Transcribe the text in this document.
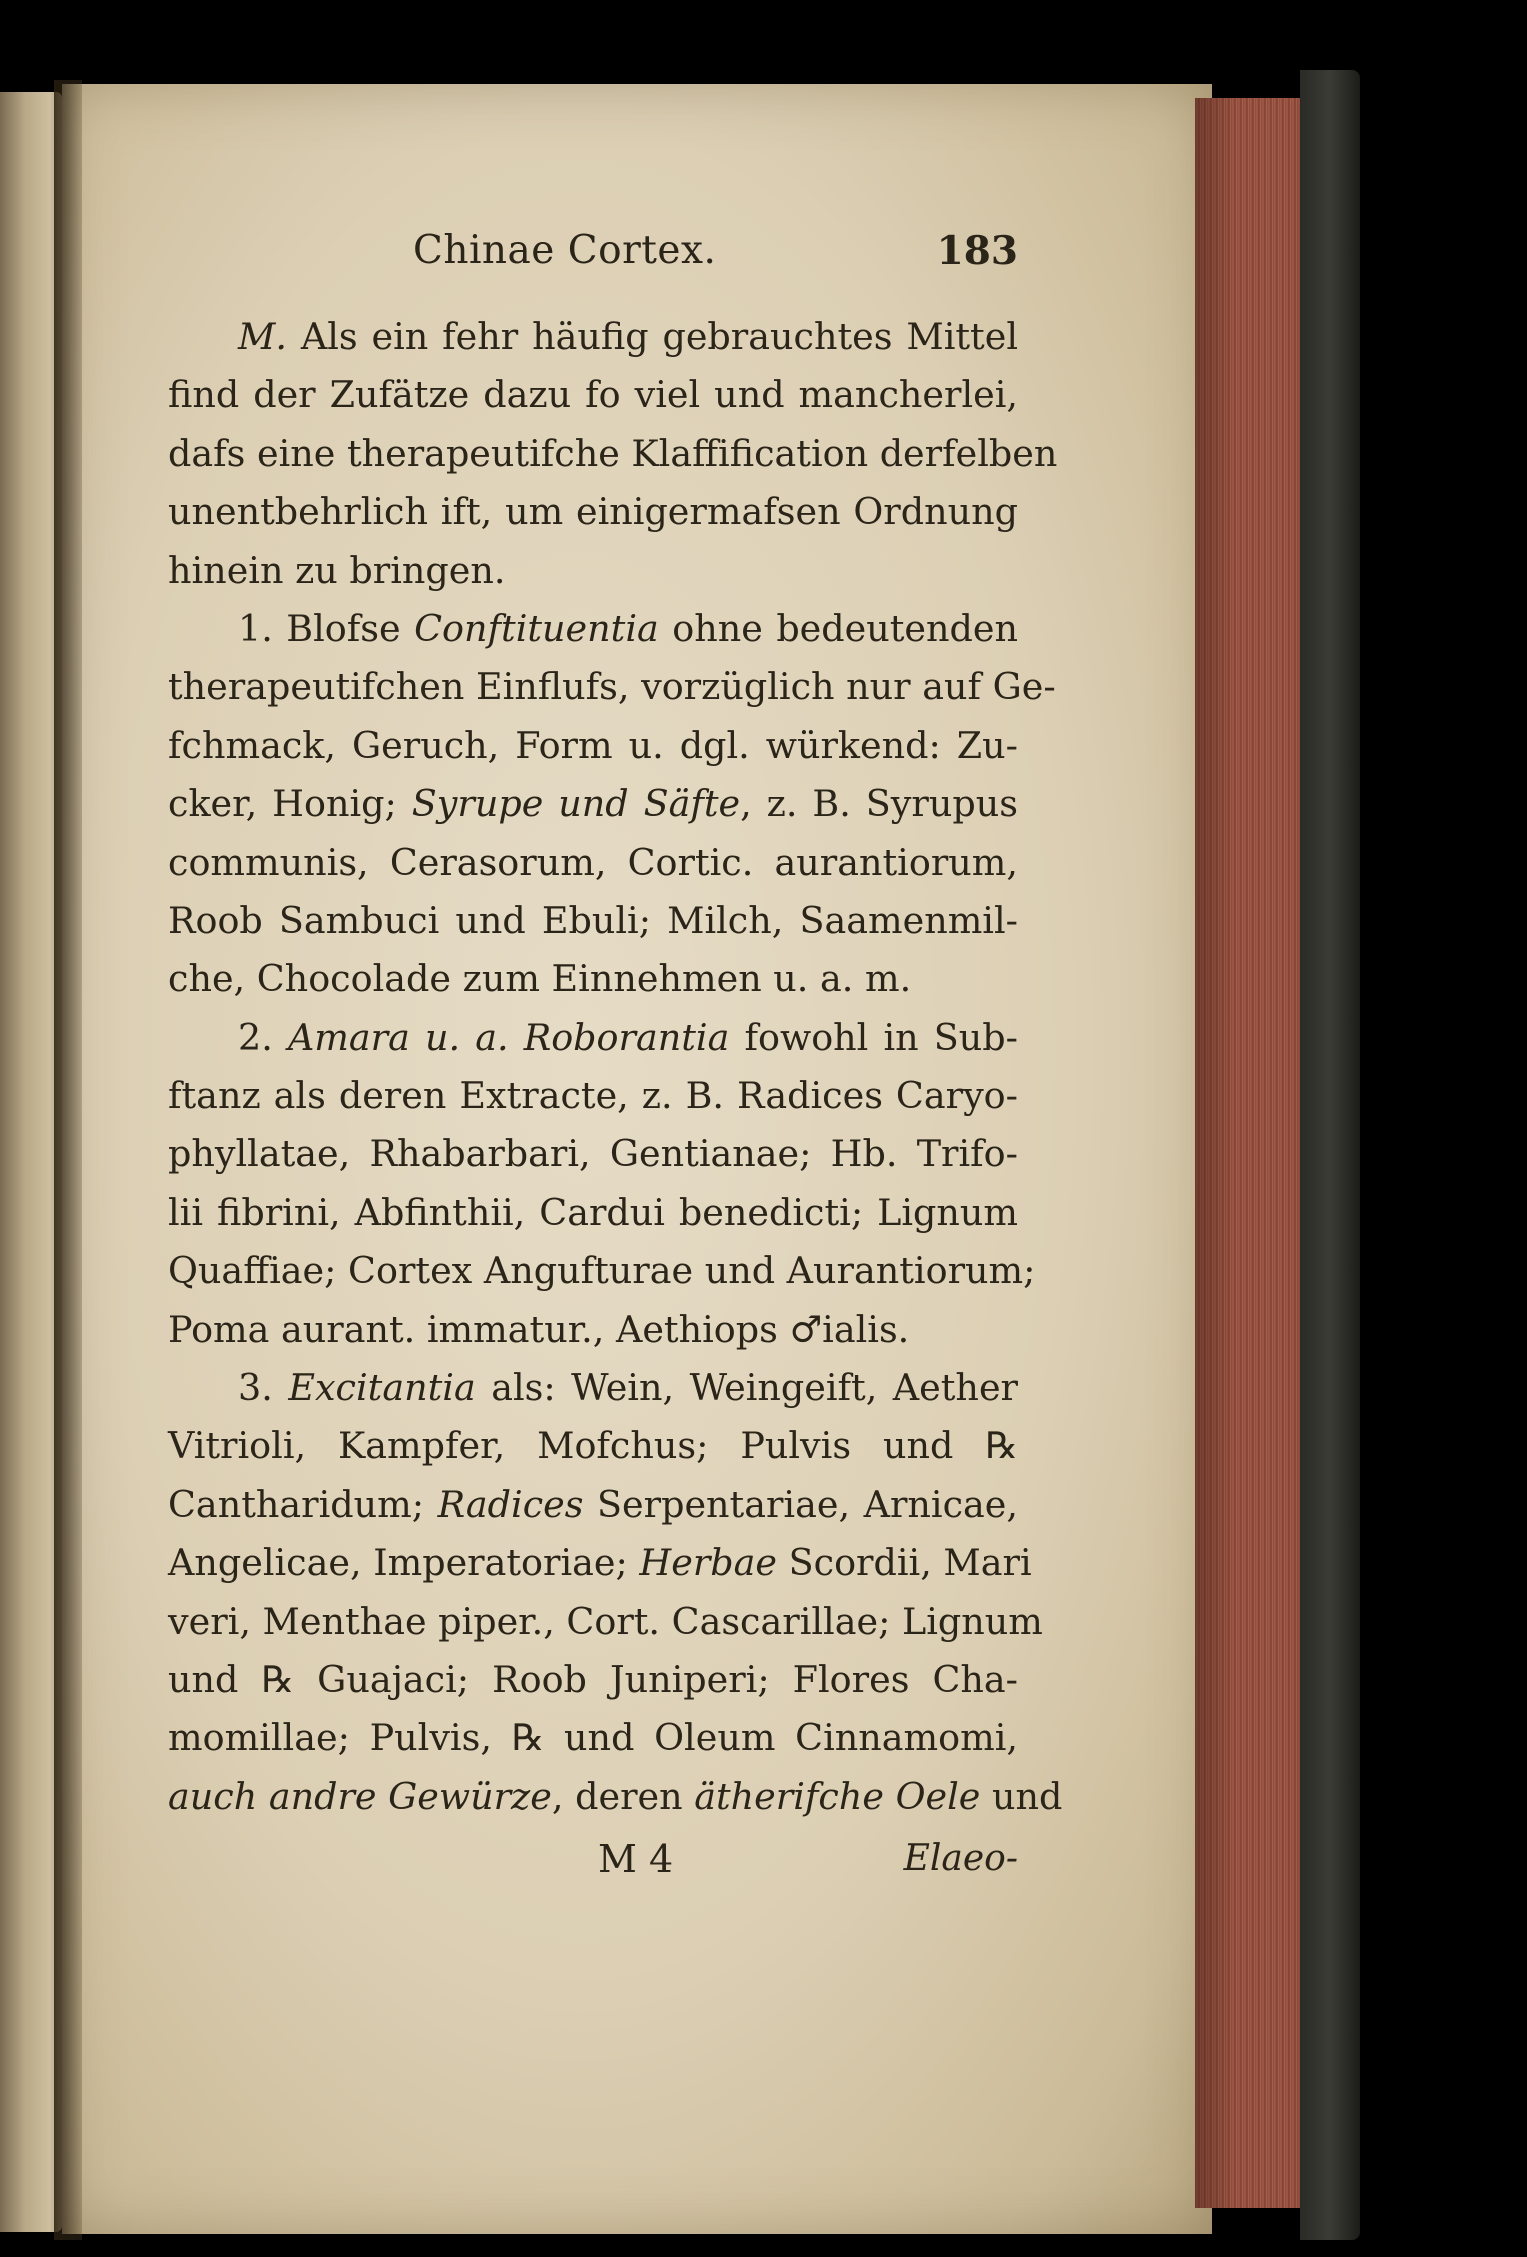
Chinae Cortex.	183
M. Als ein fehr häufig gebrauchtes Mittel
find der Zufätze dazu fo viel und mancherlei,
dafs eine therapeutifche Klaffification derfelben
unentbehrlich ift, um einigermafsen Ordnung
hinein zu bringen.
1. Blofse Conftituentia ohne bedeutenden
therapeutifchen Einflufs, vorzüglich nur auf Ge-
fchmack, Geruch, Form u. dgl. würkend: Zu-
cker, Honig; Syrupe und Säfte, z. B. Syrupus
communis, Cerasorum, Cortic. aurantiorum,
Roob Sambuci und Ebuli; Milch, Saamenmil-
che, Chocolade zum Einnehmen u. a. m.
2. Amara u. a. Roborantia fowohl in Sub-
ftanz als deren Extracte, z. B. Radices Caryo-
phyllatae, Rhabarbari, Gentianae; Hb. Trifo-
lii fibrini, Abfinthii, Cardui benedicti; Lignum
Quaffiae; Cortex Angufturae und Aurantiorum;
Poma aurant. immatur., Aethiops ♂ialis.
3. Excitantia als: Wein, Weingeift, Aether
Vitrioli, Kampfer, Mofchus; Pulvis und ℞
Cantharidum; Radices Serpentariae, Arnicae,
Angelicae, Imperatoriae; Herbae Scordii, Mari
veri, Menthae piper., Cort. Cascarillae; Lignum
und ℞ Guajaci; Roob Juniperi; Flores Cha-
momillae; Pulvis, ℞ und Oleum Cinnamomi,
auch andre Gewürze, deren ätherifche Oele und
M 4	Elaeo-
